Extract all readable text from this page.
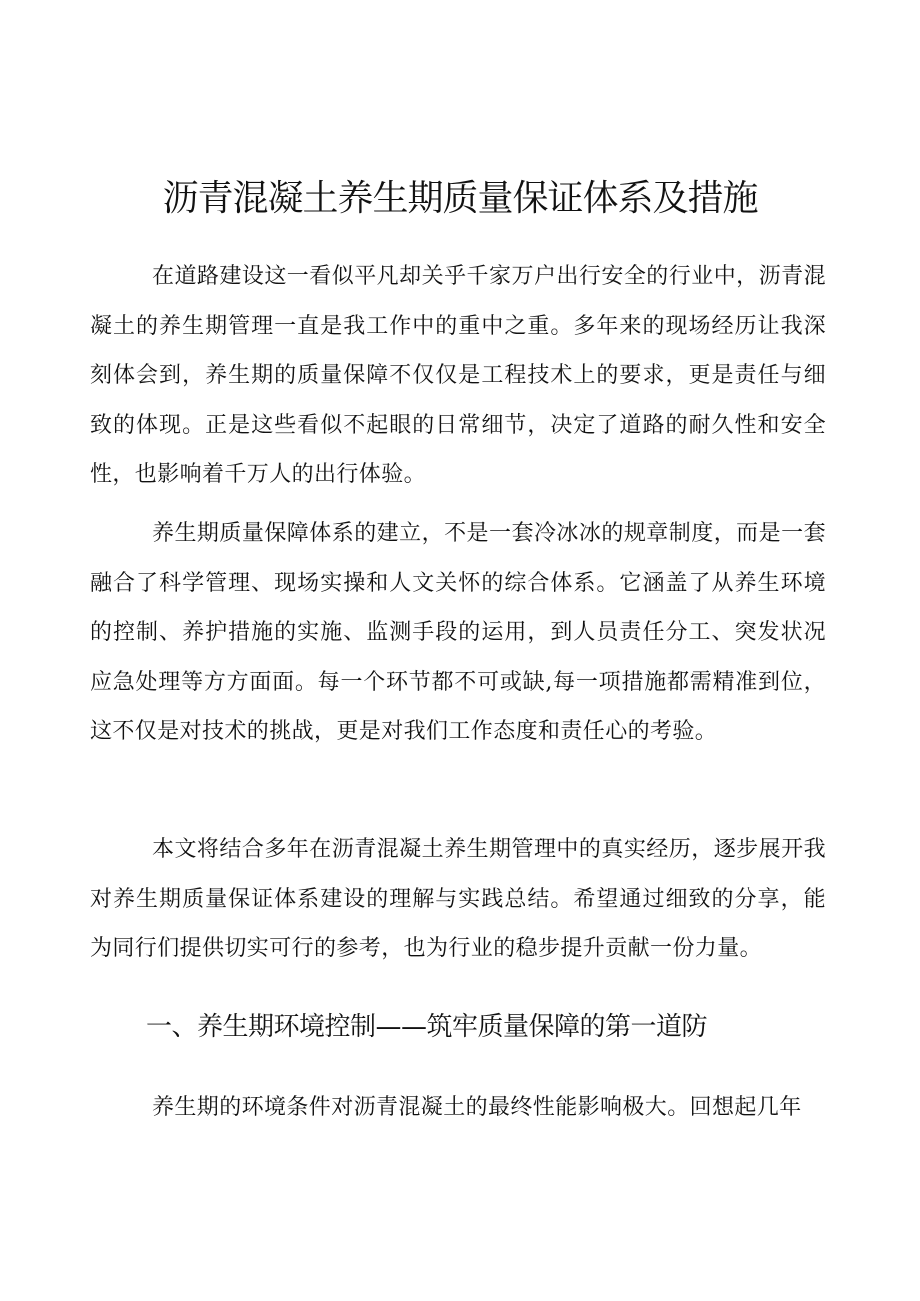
沥青混凝土养生期质量保证体系及措施

在道路建设这一看似平凡却关乎千家万户出行安全的行业中，沥青混凝土的养生期管理一直是我工作中的重中之重。多年来的现场经历让我深刻体会到，养生期的质量保障不仅仅是工程技术上的要求，更是责任与细致的体现。正是这些看似不起眼的日常细节，决定了道路的耐久性和安全性，也影响着千万人的出行体验。

养生期质量保障体系的建立，不是一套冷冰冰的规章制度，而是一套融合了科学管理、现场实操和人文关怀的综合体系。它涵盖了从养生环境的控制、养护措施的实施、监测手段的运用，到人员责任分工、突发状况应急处理等方方面面。每一个环节都不可或缺,每一项措施都需精准到位，这不仅是对技术的挑战，更是对我们工作态度和责任心的考验。

本文将结合多年在沥青混凝土养生期管理中的真实经历，逐步展开我对养生期质量保证体系建设的理解与实践总结。希望通过细致的分享，能为同行们提供切实可行的参考，也为行业的稳步提升贡献一份力量。

一、养生期环境控制——筑牢质量保障的第一道防

养生期的环境条件对沥青混凝土的最终性能影响极大。回想起几年
